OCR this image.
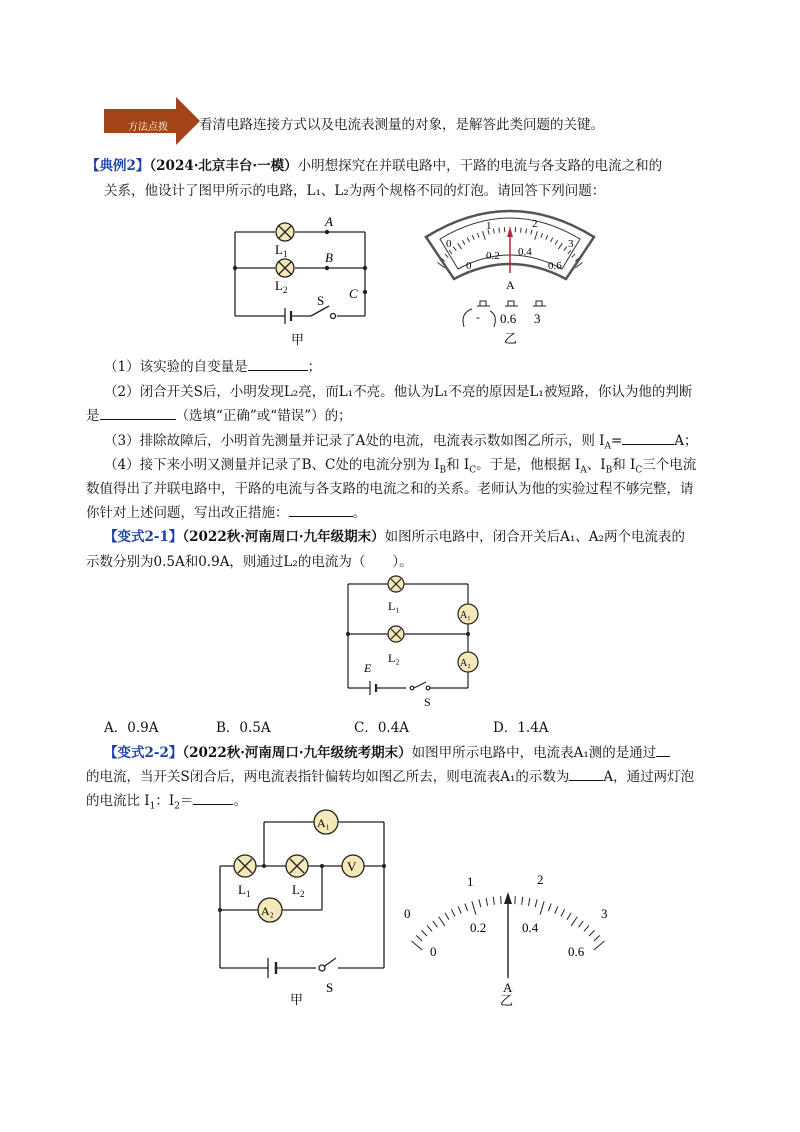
方法点拨	看清电路连接方式以及电流表测量的对象，是解答此类问题的关键。
【典例2】（2024·北京丰台·一模）小明想探究在并联电路中，干路的电流与各支路的电流之和的
关系，他设计了图甲所示的电路，L₁、L₂为两个规格不同的灯泡。请回答下列问题：
$L_1$
$L_2$
A
B
C
S
甲
0
1	2
3
0
0.2 0.4
0.6
A
- 0.6 3
乙
（1）该实验的自变量是	；
（2）闭合开关S后，小明发现L₂亮，而L₁不亮。他认为L₁不亮的原因是L₁被短路，你认为他的判断
是	（选填“正确”或“错误”）的；
（3）排除故障后，小明首先测量并记录了A处的电流，电流表示数如图乙所示，则 $I_A=$	A；
（4）接下来小明又测量并记录了B、C处的电流分别为 $I_B$和 $I_C$。于是，他根据 $I_A$、$I_B$和 $I_C$三个电流
数值得出了并联电路中，干路的电流与各支路的电流之和的关系。老师认为他的实验过程不够完整，请
你针对上述问题，写出改正措施：	。
【变式2-1】（2022秋·河南周口·九年级期末）如图所示电路中，闭合开关后A₁、A₂两个电流表的
示数分别为0.5A和0.9A，则通过L₂的电流为（　　）。
L₁
L₂
A₁
A₂
E
S
A．0.9A	B．0.5A	C．0.4A	D．1.4A
【变式2-2】（2022秋·河南周口·九年级统考期末）如图甲所示电路中，电流表A₁测的是通过
的电流，当开关S闭合后，两电流表指针偏转均如图乙所去，则电流表A₁的示数为	A，通过两灯泡
的电流比 $I_1$：$I_2=$	。
A₁
A₂
V
$L_1$	$L_2$
S
甲
0
1	2
3
0
0.2	0.4
0.6
A
乙
